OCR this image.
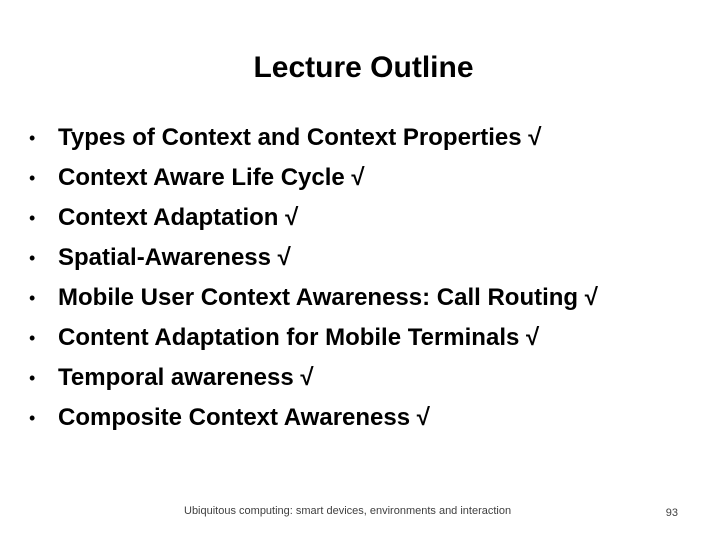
Lecture Outline
• Types of Context and Context Properties √
• Context Aware Life Cycle √
• Context Adaptation √
• Spatial-Awareness √
• Mobile User Context Awareness: Call Routing √
• Content Adaptation for Mobile Terminals √
• Temporal awareness √
• Composite Context Awareness √
Ubiquitous computing: smart devices, environments and interaction	93
